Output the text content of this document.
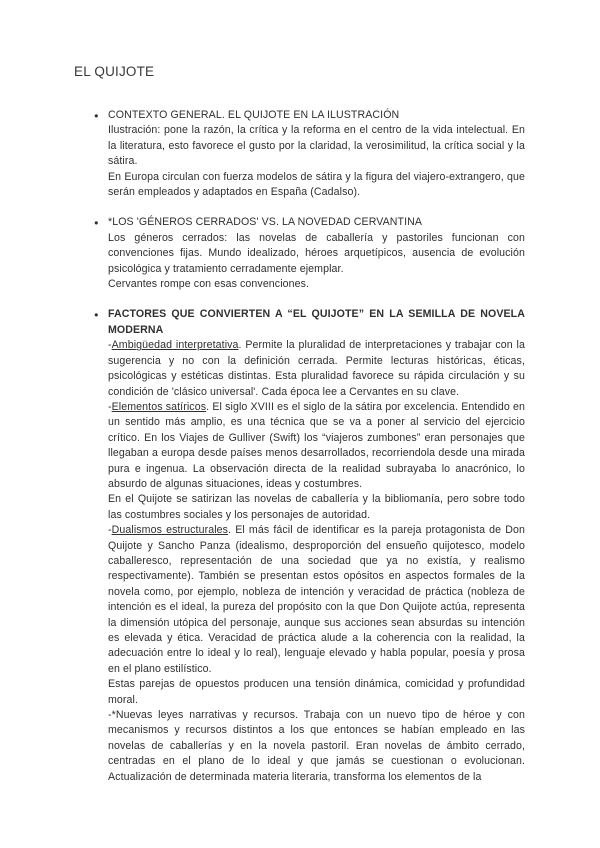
EL QUIJOTE
● CONTEXTO GENERAL. EL QUIJOTE EN LA ILUSTRACIÓN

Ilustración: pone la razón, la crítica y la reforma en el centro de la vida intelectual. En la literatura, esto favorece el gusto por la claridad, la verosimilitud, la crítica social y la sátira.

En Europa circulan con fuerza modelos de sátira y la figura del viajero-extrangero, que serán empleados y adaptados en España (Cadalso).

● *LOS 'GÉNEROS CERRADOS' VS. LA NOVEDAD CERVANTINA

Los géneros cerrados: las novelas de caballería y pastoriles funcionan con convenciones fijas. Mundo idealizado, héroes arquetípicos, ausencia de evolución psicológica y tratamiento cerradamente ejemplar.

Cervantes rompe con esas convenciones.

● FACTORES QUE CONVIERTEN A “EL QUIJOTE” EN LA SEMILLA DE NOVELA MODERNA

-Ambigüedad interpretativa. Permite la pluralidad de interpretaciones y trabajar con la sugerencia y no con la definición cerrada. Permite lecturas históricas, éticas, psicológicas y estéticas distintas. Esta pluralidad favorece su rápida circulación y su condición de 'clásico universal'. Cada época lee a Cervantes en su clave.

-Elementos satíricos. El siglo XVIII es el siglo de la sátira por excelencia. Entendido en un sentido más amplio, es una técnica que se va a poner al servicio del ejercicio crítico. En los Viajes de Gulliver (Swift) los “viajeros zumbones” eran personajes que llegaban a europa desde países menos desarrollados, recorriendola desde una mirada pura e ingenua. La observación directa de la realidad subrayaba lo anacrónico, lo absurdo de algunas situaciones, ideas y costumbres.

En el Quijote se satirizan las novelas de caballería y la bibliomanía, pero sobre todo las costumbres sociales y los personajes de autoridad.

-Dualismos estructurales. El más fácil de identificar es la pareja protagonista de Don Quijote y Sancho Panza (idealismo, desproporción del ensueño quijotesco, modelo caballeresco, representación de una sociedad que ya no existía, y realismo respectivamente). También se presentan estos opósitos en aspectos formales de la novela como, por ejemplo, nobleza de intención y veracidad de práctica (nobleza de intención es el ideal, la pureza del propósito con la que Don Quijote actúa, representa la dimensión utópica del personaje, aunque sus acciones sean absurdas su intención es elevada y ética. Veracidad de práctica alude a la coherencia con la realidad, la adecuación entre lo ideal y lo real), lenguaje elevado y habla popular, poesía y prosa en el plano estilístico.

Estas parejas de opuestos producen una tensión dinámica, comicidad y profundidad moral.

-*Nuevas leyes narrativas y recursos. Trabaja con un nuevo tipo de héroe y con mecanismos y recursos distintos a los que entonces se habían empleado en las novelas de caballerías y en la novela pastoril. Eran novelas de ámbito cerrado, centradas en el plano de lo ideal y que jamás se cuestionan o evolucionan. Actualización de determinada materia literaria, transforma los elementos de la
